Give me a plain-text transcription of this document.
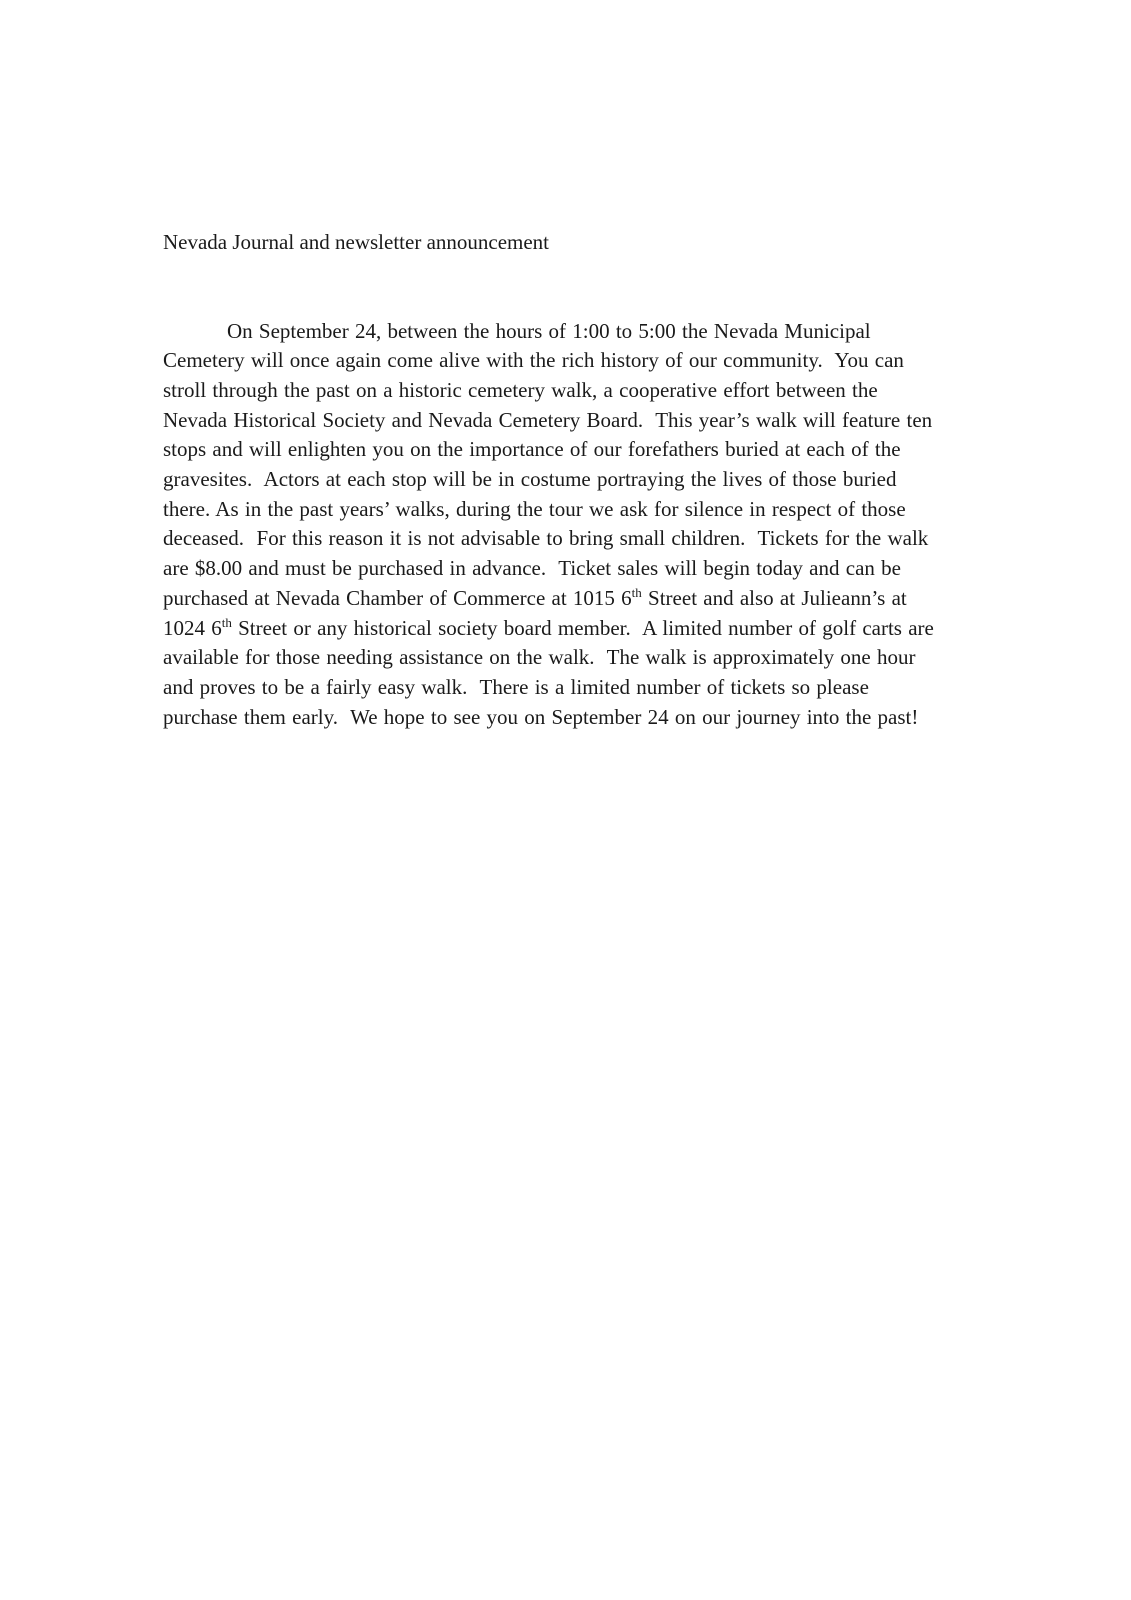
Nevada Journal and newsletter announcement

On September 24, between the hours of 1:00 to 5:00 the Nevada Municipal Cemetery will once again come alive with the rich history of our community.  You can stroll through the past on a historic cemetery walk, a cooperative effort between the Nevada Historical Society and Nevada Cemetery Board.  This year’s walk will feature ten stops and will enlighten you on the importance of our forefathers buried at each of the gravesites.  Actors at each stop will be in costume portraying the lives of those buried there. As in the past years’ walks, during the tour we ask for silence in respect of those deceased.  For this reason it is not advisable to bring small children.  Tickets for the walk are $8.00 and must be purchased in advance.  Ticket sales will begin today and can be purchased at Nevada Chamber of Commerce at 1015 6th Street and also at Julieann’s at 1024 6th Street or any historical society board member.  A limited number of golf carts are available for those needing assistance on the walk.  The walk is approximately one hour and proves to be a fairly easy walk.  There is a limited number of tickets so please purchase them early.  We hope to see you on September 24 on our journey into the past!
